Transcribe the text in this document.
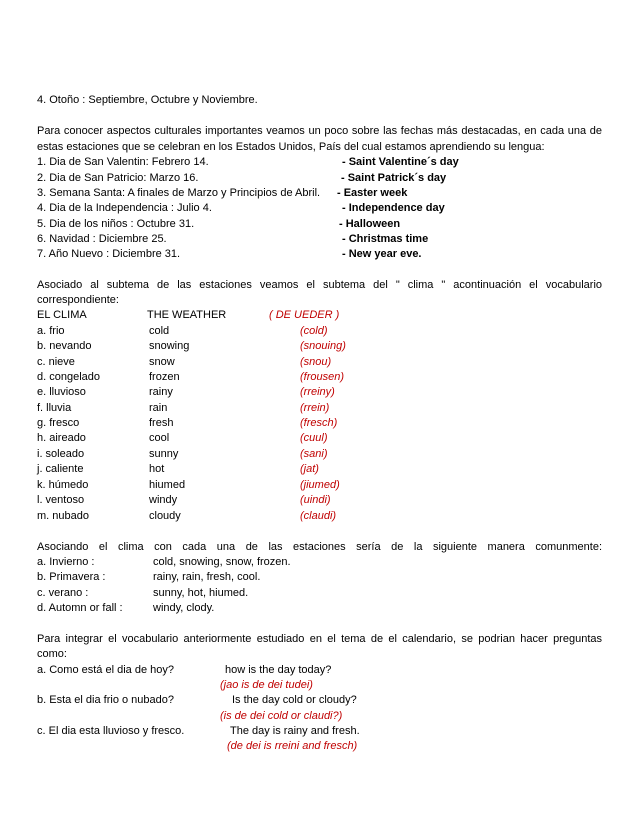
4. Otoño : Septiembre, Octubre y Noviembre.
Para conocer aspectos culturales importantes veamos un poco sobre las fechas más destacadas, en cada una de
estas estaciones que se celebran en los Estados Unidos, País del cual estamos aprendiendo su lengua:
1. Dia de San Valentin: Febrero 14.	- Saint Valentine´s day
2. Dia de San Patricio: Marzo 16.	- Saint Patrick´s day
3. Semana Santa: A finales de Marzo y Principios de Abril. - Easter week
4. Dia de la Independencia : Julio 4.	- Independence day
5. Dia de los niños : Octubre 31.	- Halloween
6. Navidad : Diciembre 25.	- Christmas time
7. Año Nuevo : Diciembre 31.	- New year eve.
Asociado al subtema de las estaciones veamos el subtema del " clima " acontinuación el vocabulario
correspondiente:
EL CLIMA	THE WEATHER	( DE UEDER )
a. frio	cold	(cold)
b. nevando	snowing	(snouing)
c. nieve	snow	(snou)
d. congelado	frozen	(frousen)
e. lluvioso	rainy	(rreiny)
f. lluvia	rain	(rrein)
g. fresco	fresh	(fresch)
h. aireado	cool	(cuul)
i. soleado	sunny	(sani)
j. caliente	hot	(jat)
k. húmedo	hiumed	(jiumed)
l. ventoso	windy	(uindi)
m. nubado	cloudy	(claudi)
Asociando el clima con cada una de las estaciones sería de la siguiente manera comunmente:
a. Invierno :	cold, snowing, snow, frozen.
b. Primavera :	rainy, rain, fresh, cool.
c. verano :	sunny, hot, hiumed.
d. Automn or fall :	windy, clody.
Para integrar el vocabulario anteriormente estudiado en el tema de el calendario, se podrian hacer preguntas
como:
a. Como está el dia de hoy?	how is the day today?
(jao is de dei tudei)
b. Esta el dia frio o nubado?	Is the day cold or cloudy?
(is de dei cold or claudi?)
c. El dia esta lluvioso y fresco.	The day is rainy and fresh.
(de dei is rreini and fresch)
